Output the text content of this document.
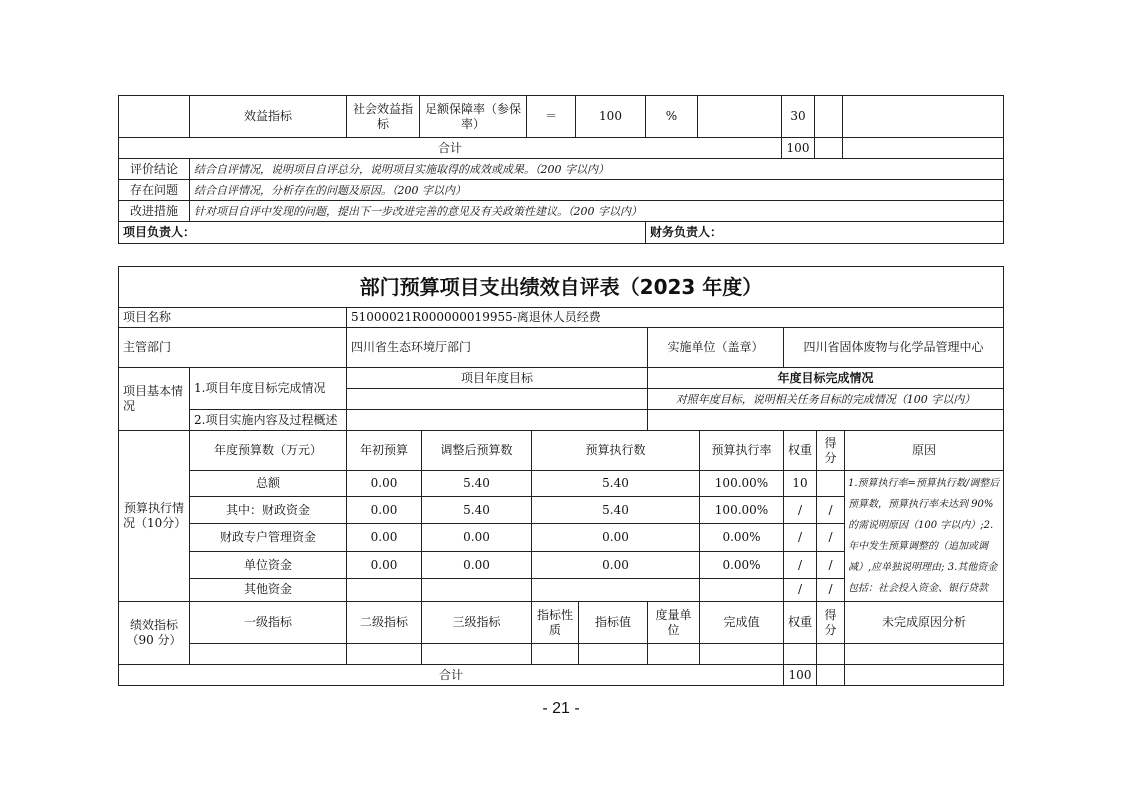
	效益指标	社会效益指标	足额保障率（参保率）	＝	100	%		30		
合计								100		
评价结论	结合自评情况，说明项目自评总分，说明项目实施取得的成效或成果。（200 字以内）									
存在问题	结合自评情况，分析存在的问题及原因。（200 字以内）									
改进措施	针对项目自评中发现的问题，提出下一步改进完善的意见及有关政策性建议。（200 字以内）									
项目负责人：						财务负责人：				
部门预算项目支出绩效自评表（2023 年度）										
项目名称		51000021R000000019955-离退休人员经费								
主管部门		四川省生态环境厅部门				实施单位（盖章）		四川省固体废物与化学品管理中心		
项目基本情况	1.项目年度目标完成情况	项目年度目标				年度目标完成情况				
						对照年度目标，说明相关任务目标的完成情况（100 字以内）				
	2.项目实施内容及过程概述									
预算执行情况（10分）	年度预算数（万元）	年初预算	调整后预算数	预算执行数			预算执行率	权重	得分	原因
	总额	0.00	5.40	5.40			100.00%	10		1.预算执行率=预算执行数/调整后预算数，预算执行率未达到 90%的需说明原因（100 字以内）;2.年中发生预算调整的（追加或调减）,应单独说明理由; 3.其他资金包括：社会投入资金、银行贷款
	其中：财政资金	0.00	5.40	5.40			100.00%	/	/	
	财政专户管理资金	0.00	0.00	0.00			0.00%	/	/	
	单位资金	0.00	0.00	0.00			0.00%	/	/	
	其他资金							/	/	
绩效指标（90 分）	一级指标	二级指标	三级指标	指标性质	指标值	度量单位	完成值	权重	得分	未完成原因分析

合计								100		
- 21 -
